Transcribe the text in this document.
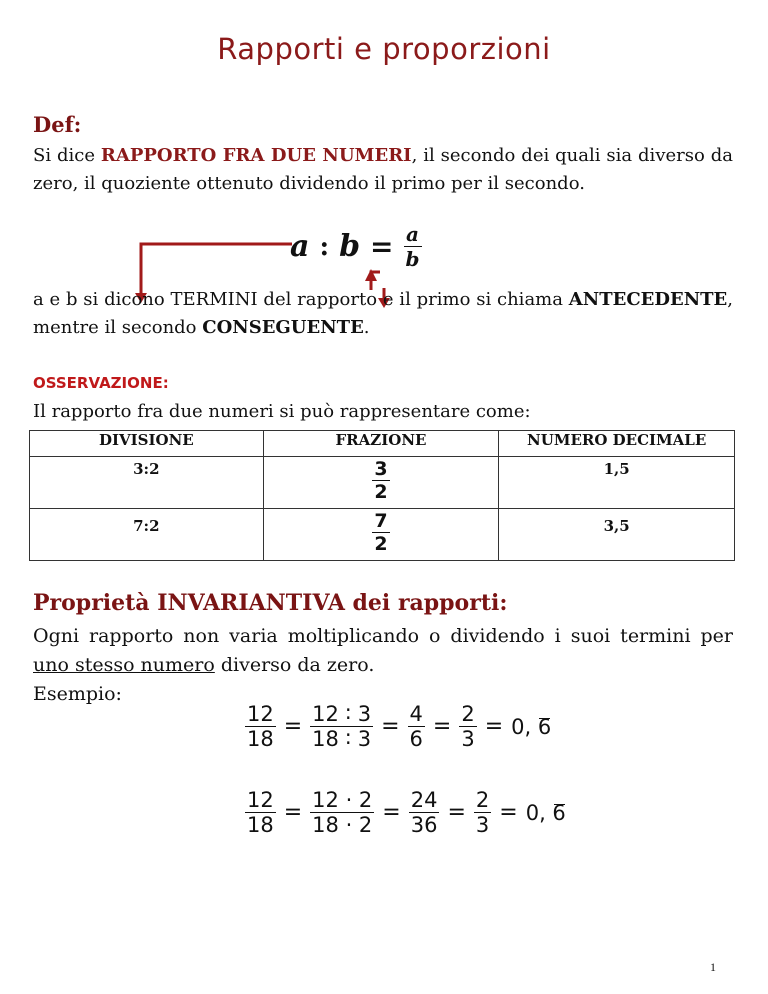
Rapporti e proporzioni
Def:
Si dice RAPPORTO FRA DUE NUMERI, il secondo dei quali sia diverso da zero, il quoziente ottenuto dividendo il primo per il secondo.
a : $b = \frac{a}{b}$
a e b si dicono TERMINI del rapporto e il primo si chiama ANTECEDENTE, mentre il secondo CONSEGUENTE.
OSSERVAZIONE:
Il rapporto fra due numeri si può rappresentare come:
DIVISIONE	FRAZIONE	NUMERO DECIMALE
3:2	$\frac{3}{2}$	1,5
7:2	$\frac{7}{2}$	3,5
Proprietà INVARIANTIVA dei rapporti:
Ogni rapporto non varia moltiplicando o dividendo i suoi termini per uno stesso numero diverso da zero.
Esempio:
$\frac{12}{18} = \frac{12 ∶ 3}{18 ∶ 3} = \frac{4}{6} = \frac{2}{3} = 0$, 6
$\frac{12}{18} = \frac{12 \cdot 2}{18 \cdot 2} = \frac{24}{36} = \frac{2}{3} = 0$, 6
1
